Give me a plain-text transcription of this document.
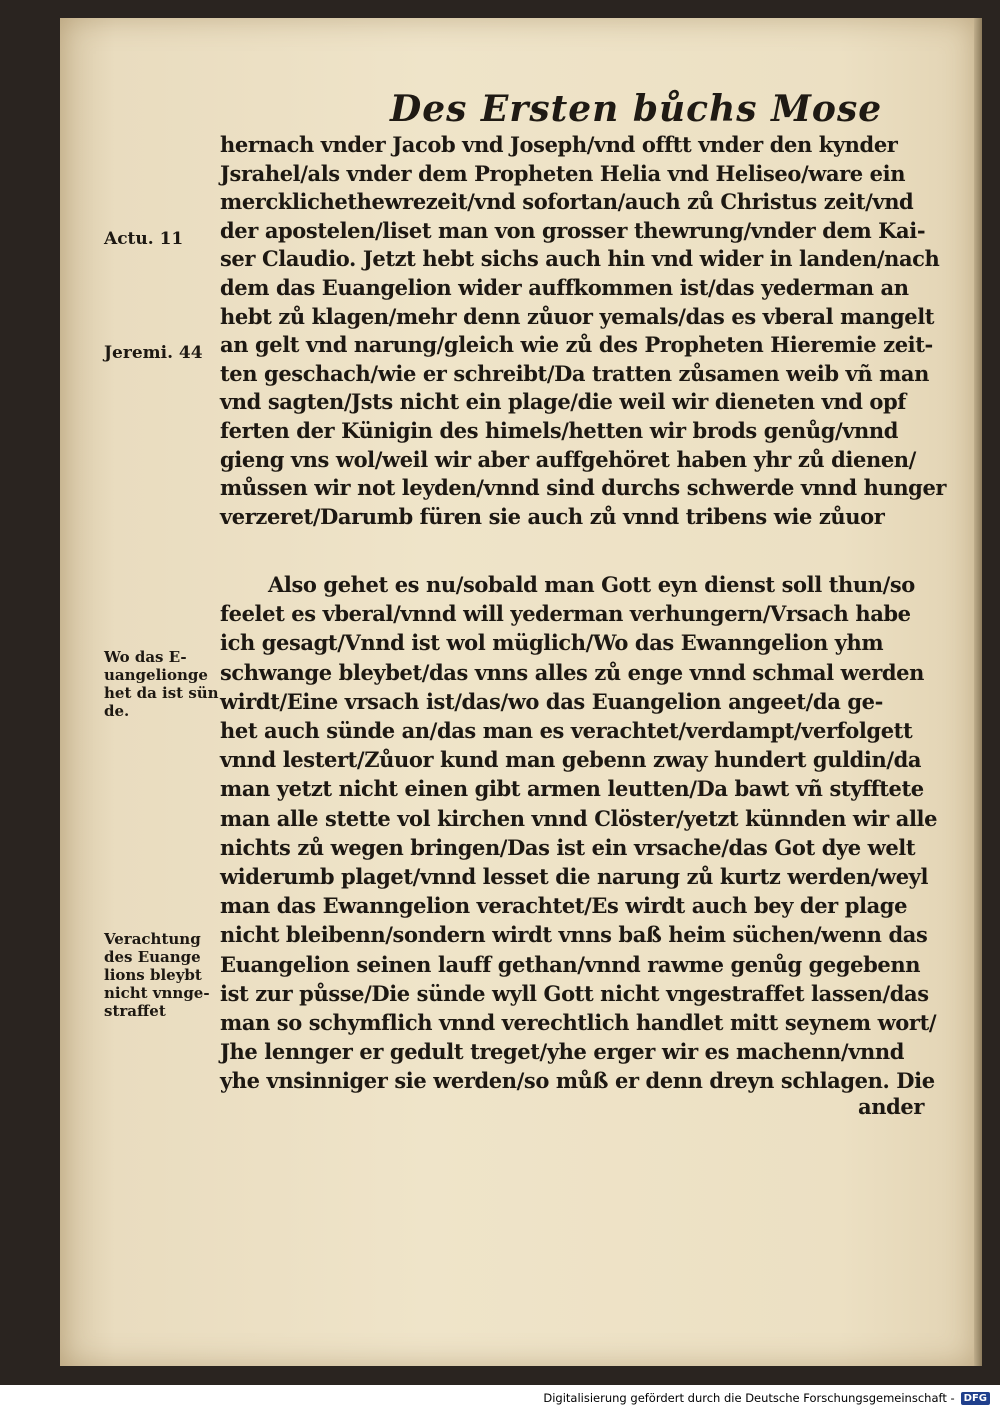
Des Ersten bůchs Mose
Actu. 11
Jeremi. 44
Wo das E-
uangelionge
het da ist sün
de.
Verachtung
des Euange
lions bleybt
nicht vnnge-
straffet
hernach vnder Jacob vnd Joseph/vnd offtt vnder den kynder
Jsrahel/als vnder dem Propheten Helia vnd Heliseo/ware ein
mercklichethewrezeit/vnd sofortan/auch zů Christus zeit/vnd
der apostelen/liset man von grosser thewrung/vnder dem Kai-
ser Claudio. Jetzt hebt sichs auch hin vnd wider in landen/nach
dem das Euangelion wider auffkommen ist/das yederman an
hebt zů klagen/mehr denn zůuor yemals/das es vberal mangelt
an gelt vnd narung/gleich wie zů des Propheten Hieremie zeit-
ten geschach/wie er schreibt/Da tratten zůsamen weib vñ man
vnd sagten/Jsts nicht ein plage/die weil wir dieneten vnd opf
ferten der Künigin des himels/hetten wir brods genůg/vnnd
gieng vns wol/weil wir aber auffgehöret haben yhr zů dienen/
můssen wir not leyden/vnnd sind durchs schwerde vnnd hunger
verzeret/Darumb füren sie auch zů vnnd tribens wie zůuor
Also gehet es nu/sobald man Gott eyn dienst soll thun/so
feelet es vberal/vnnd will yederman verhungern/Vrsach habe
ich gesagt/Vnnd ist wol müglich/Wo das Ewanngelion yhm
schwange bleybet/das vnns alles zů enge vnnd schmal werden
wirdt/Eine vrsach ist/das/wo das Euangelion angeet/da ge-
het auch sünde an/das man es verachtet/verdampt/verfolgett
vnnd lestert/Zůuor kund man gebenn zway hundert guldin/da
man yetzt nicht einen gibt armen leutten/Da bawt vñ styfftete
man alle stette vol kirchen vnnd Clöster/yetzt künnden wir alle
nichts zů wegen bringen/Das ist ein vrsache/das Got dye welt
widerumb plaget/vnnd lesset die narung zů kurtz werden/weyl
man das Ewanngelion verachtet/Es wirdt auch bey der plage
nicht bleibenn/sondern wirdt vnns baß heim süchen/wenn das
Euangelion seinen lauff gethan/vnnd rawme genůg gegebenn
ist zur půsse/Die sünde wyll Gott nicht vngestraffet lassen/das
man so schymflich vnnd verechtlich handlet mitt seynem wort/
Jhe lennger er gedult treget/yhe erger wir es machenn/vnnd
yhe vnsinniger sie werden/so můß er denn dreyn schlagen. Die
ander
Digitalisierung gefördert durch die Deutsche Forschungsgemeinschaft - DFG
